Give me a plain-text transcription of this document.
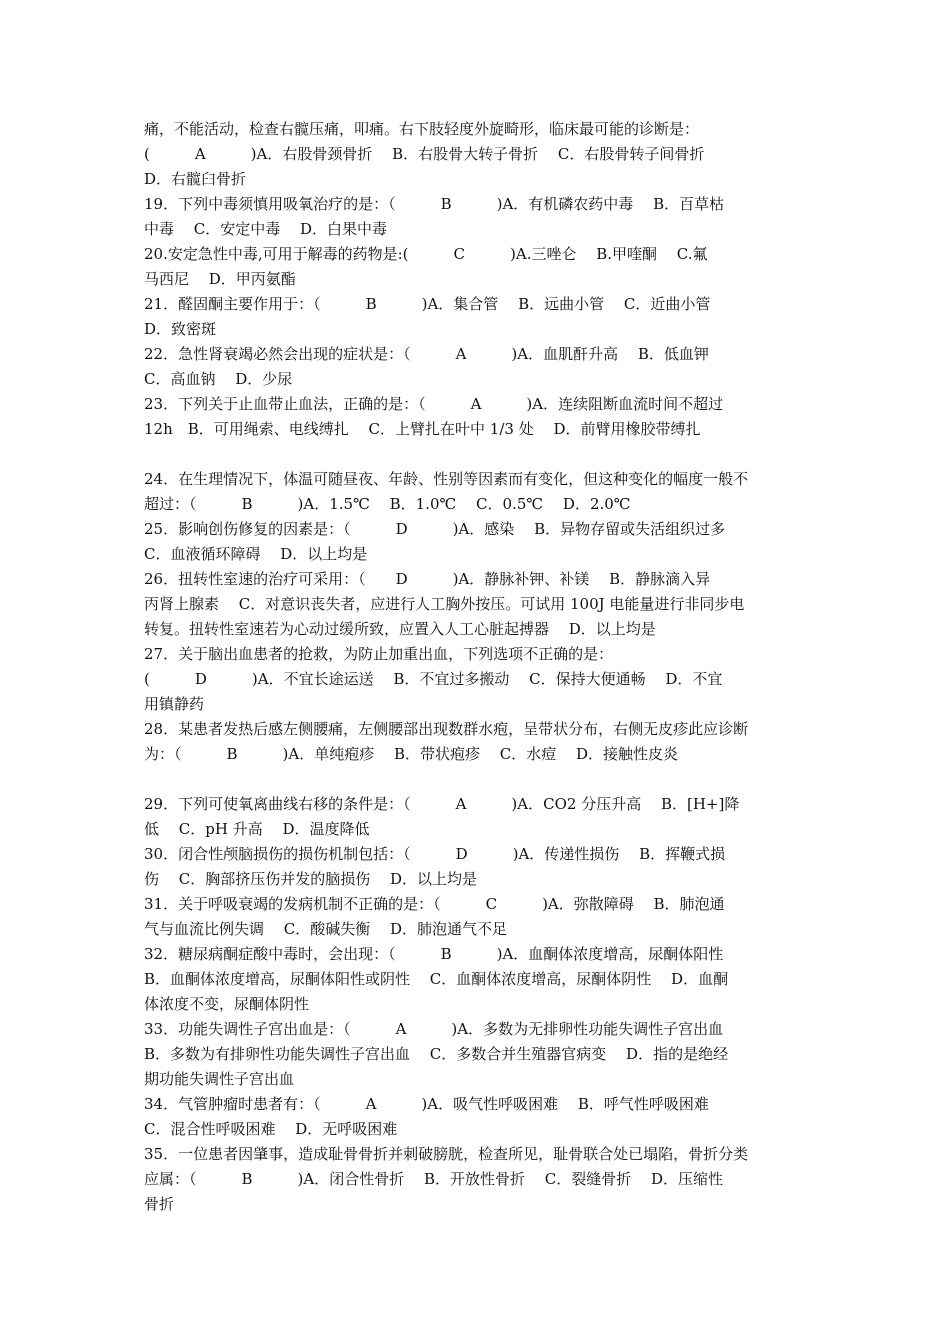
痛，不能活动，检查右髋压痛，叩痛。右下肢轻度外旋畸形，临床最可能的诊断是：
(　　　A　　　)A．右股骨颈骨折　 B．右股骨大转子骨折　 C．右股骨转子间骨折
D．右髋臼骨折
19．下列中毒须慎用吸氧治疗的是：（　　　B　　　)A．有机磷农药中毒　 B．百草枯
中毒　 C．安定中毒　 D．白果中毒
20.安定急性中毒,可用于解毒的药物是:(　　　C　　　)A.三唑仑　 B.甲喹酮　 C.氟
马西尼　 D．甲丙氨酯
21．醛固酮主要作用于：（　　　B　　　)A．集合管　 B．远曲小管　 C．近曲小管
D．致密斑
22．急性肾衰竭必然会出现的症状是：（　　　A　　　)A．血肌酐升高　 B．低血钾
C．高血钠　 D．少尿
23．下列关于止血带止血法，正确的是：（　　　A　　　)A．连续阻断血流时间不超过
12h　B．可用绳索、电线缚扎　 C．上臂扎在叶中 1/3 处　 D．前臂用橡胶带缚扎
24．在生理情况下，体温可随昼夜、年龄、性别等因素而有变化，但这种变化的幅度一般不
超过：（　　　B　　　)A．1.5℃　 B．1.0℃　 C．0.5℃　 D．2.0℃
25．影响创伤修复的因素是：（　　　D　　　)A．感染　 B．异物存留或失活组织过多
C．血液循环障碍　 D．以上均是
26．扭转性室速的治疗可采用：（　　D　　　)A．静脉补钾、补镁　 B．静脉滴入异
丙肾上腺素　 C．对意识丧失者，应进行人工胸外按压。可试用 100J 电能量进行非同步电
转复。扭转性室速若为心动过缓所致，应置入人工心脏起搏器　 D．以上均是
27．关于脑出血患者的抢救，为防止加重出血，下列选项不正确的是：
(　　　D　　　)A．不宜长途运送　 B．不宜过多搬动　 C．保持大便通畅　 D．不宜
用镇静药
28．某患者发热后感左侧腰痛，左侧腰部出现数群水疱，呈带状分布，右侧无皮疹此应诊断
为：（　　　B　　　)A．单纯疱疹　 B．带状疱疹　 C．水痘　 D．接触性皮炎
29．下列可使氧离曲线右移的条件是：（　　　A　　　)A．CO2 分压升高　 B．[H+]降
低　 C．pH 升高　 D．温度降低
30．闭合性颅脑损伤的损伤机制包括：（　　　D　　　)A．传递性损伤　 B．挥鞭式损
伤　 C．胸部挤压伤并发的脑损伤　 D．以上均是
31．关于呼吸衰竭的发病机制不正确的是：（　　　C　　　)A．弥散障碍　 B．肺泡通
气与血流比例失调　 C．酸碱失衡　 D．肺泡通气不足
32．糖尿病酮症酸中毒时，会出现：（　　　B　　　)A．血酮体浓度增高，尿酮体阳性
B．血酮体浓度增高，尿酮体阳性或阴性　 C．血酮体浓度增高，尿酮体阴性　 D．血酮
体浓度不变，尿酮体阴性
33．功能失调性子宫出血是：（　　　A　　　)A．多数为无排卵性功能失调性子宫出血
B．多数为有排卵性功能失调性子宫出血　 C．多数合并生殖器官病变　 D．指的是绝经
期功能失调性子宫出血
34．气管肿瘤时患者有：（　　　A　　　)A．吸气性呼吸困难　 B．呼气性呼吸困难
C．混合性呼吸困难　 D．无呼吸困难
35．一位患者因肇事，造成耻骨骨折并刺破膀胱，检查所见，耻骨联合处已塌陷，骨折分类
应属：（　　　B　　　)A．闭合性骨折　 B．开放性骨折　 C．裂缝骨折　 D．压缩性
骨折
